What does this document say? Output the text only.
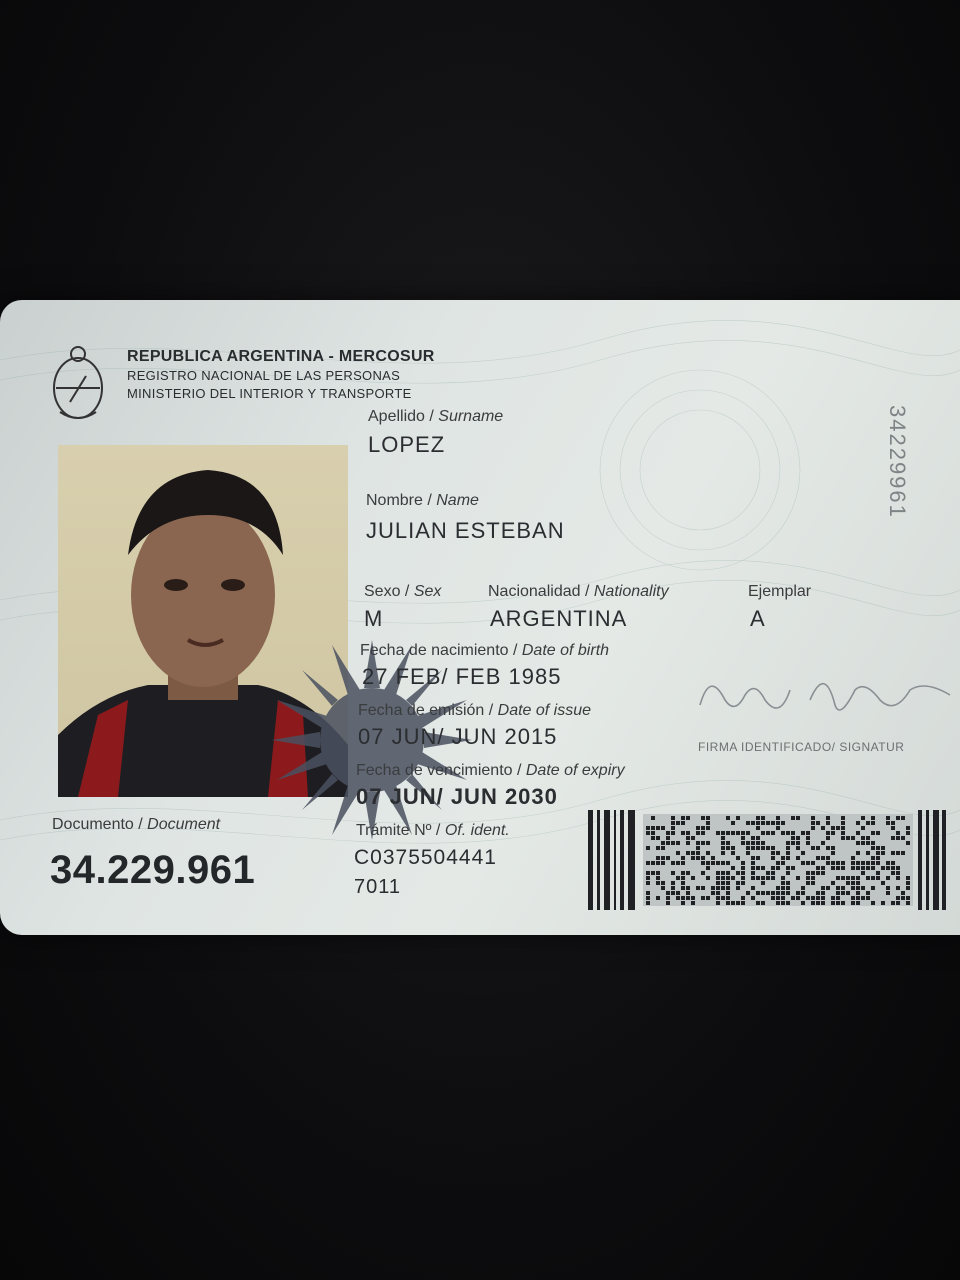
REPUBLICA ARGENTINA - MERCOSUR
REGISTRO NACIONAL DE LAS PERSONAS
MINISTERIO DEL INTERIOR Y TRANSPORTE
Apellido / Surname
LOPEZ
Nombre / Name
JULIAN ESTEBAN
Sexo / Sex
M
Nacionalidad / Nationality
ARGENTINA
Ejemplar
A
Fecha de nacimiento / Date of birth
27 FEB/ FEB 1985
Fecha de emisión / Date of issue
07 JUN/ JUN 2015
Fecha de vencimiento / Date of expiry
07 JUN/ JUN 2030
Trámite Nº / Of. ident.
C0375504441
7011
Documento / Document
34.229.961
34229961
FIRMA IDENTIFICADO/ SIGNATUR
